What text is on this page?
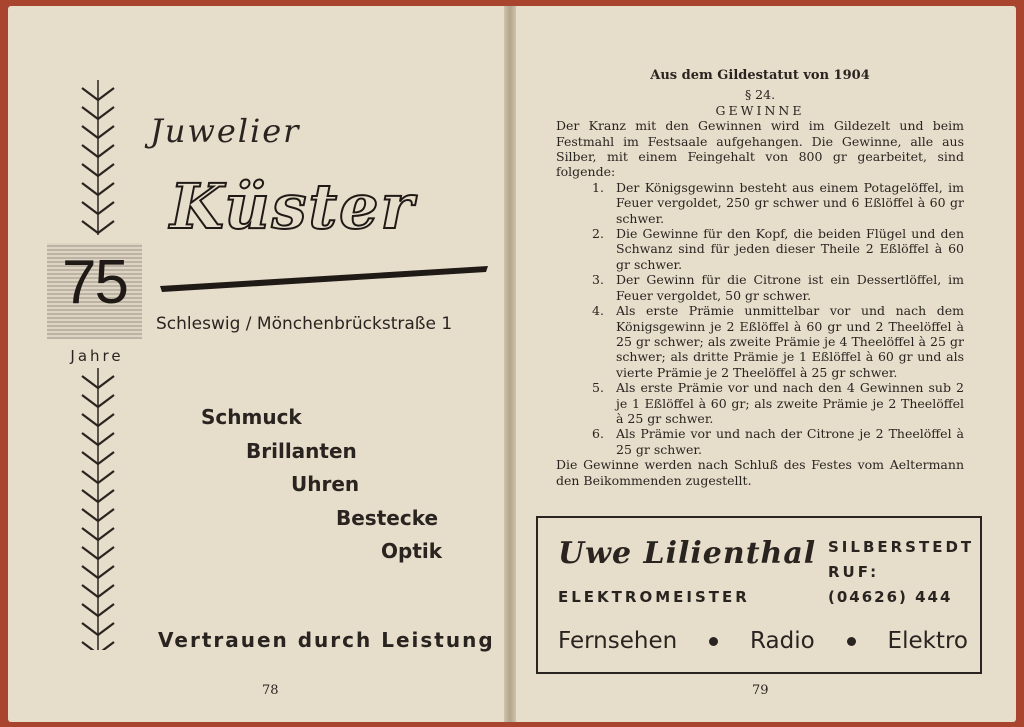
75
Jahre
Juwelier
Küster
Schleswig / Mönchenbrückstraße 1
Schmuck
Brillanten
Uhren
Bestecke
Optik
Vertrauen durch Leistung
78
Aus dem Gildestatut von 1904
§ 24.
GEWINNE
Der Kranz mit den Gewinnen wird im Gildezelt und beim Festmahl im Festsaale aufgehangen. Die Gewinne, alle aus Silber, mit einem Feingehalt von 800 gr gearbeitet, sind folgende:
1. Der Königsgewinn besteht aus einem Potagelöffel, im Feuer vergoldet, 250 gr schwer und 6 Eßlöffel à 60 gr schwer.
2. Die Gewinne für den Kopf, die beiden Flügel und den Schwanz sind für jeden dieser Theile 2 Eßlöffel à 60 gr schwer.
3. Der Gewinn für die Citrone ist ein Dessertlöffel, im Feuer vergoldet, 50 gr schwer.
4. Als erste Prämie unmittelbar vor und nach dem Königsgewinn je 2 Eßlöffel à 60 gr und 2 Theelöffel à 25 gr schwer; als zweite Prämie je 4 Theelöffel à 25 gr schwer; als dritte Prämie je 1 Eßlöffel à 60 gr und als vierte Prämie je 2 Theelöffel à 25 gr schwer.
5. Als erste Prämie vor und nach den 4 Gewinnen sub 2 je 1 Eßlöffel à 60 gr; als zweite Prämie je 2 Theelöffel à 25 gr schwer.
6. Als Prämie vor und nach der Citrone je 2 Theelöffel à 25 gr schwer.
Die Gewinne werden nach Schluß des Festes vom Aeltermann den Beikommenden zugestellt.
Uwe Lilienthal
ELEKTROMEISTER
SILBERSTEDT
RUF:
(04626) 444
Fernsehen	Radio	Elektro
79
